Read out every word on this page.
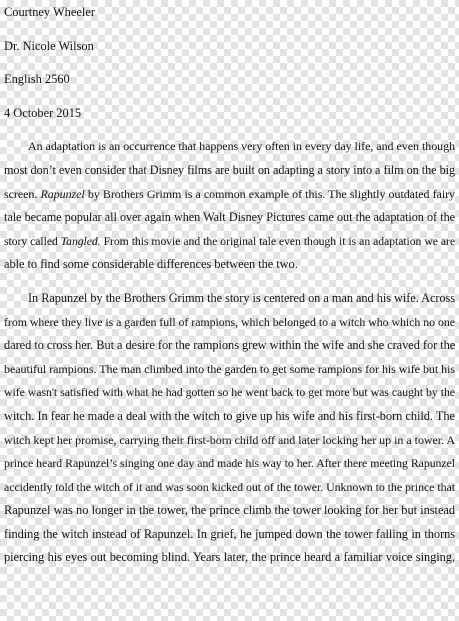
Courtney Wheeler
Dr. Nicole Wilson
English 2560
4 October 2015
An adaptation is an occurrence that happens very often in every day life, and even though
most don’t even consider that Disney films are built on adapting a story into a film on the big
screen. Rapunzel by Brothers Grimm is a common example of this. The slightly outdated fairy
tale became popular all over again when Walt Disney Pictures came out the adaptation of the
story called Tangled. From this movie and the original tale even though it is an adaptation we are
able to find some considerable differences between the two.
In Rapunzel by the Brothers Grimm the story is centered on a man and his wife. Across
from where they live is a garden full of rampions, which belonged to a witch who which no one
dared to cross her. But a desire for the rampions grew within the wife and she craved for the
beautiful rampions. The man climbed into the garden to get some rampions for his wife but his
wife wasn't satisfied with what he had gotten so he went back to get more but was caught by the
witch. In fear he made a deal with the witch to give up his wife and his first-born child. The
witch kept her promise, carrying their first-born child off and later locking her up in a tower. A
prince heard Rapunzel’s singing one day and made his way to her. After there meeting Rapunzel
accidently told the witch of it and was soon kicked out of the tower. Unknown to the prince that
Rapunzel was no longer in the tower, the prince climb the tower looking for her but instead
finding the witch instead of Rapunzel. In grief, he jumped down the tower falling in thorns
piercing his eyes out becoming blind. Years later, the prince heard a familiar voice singing,
